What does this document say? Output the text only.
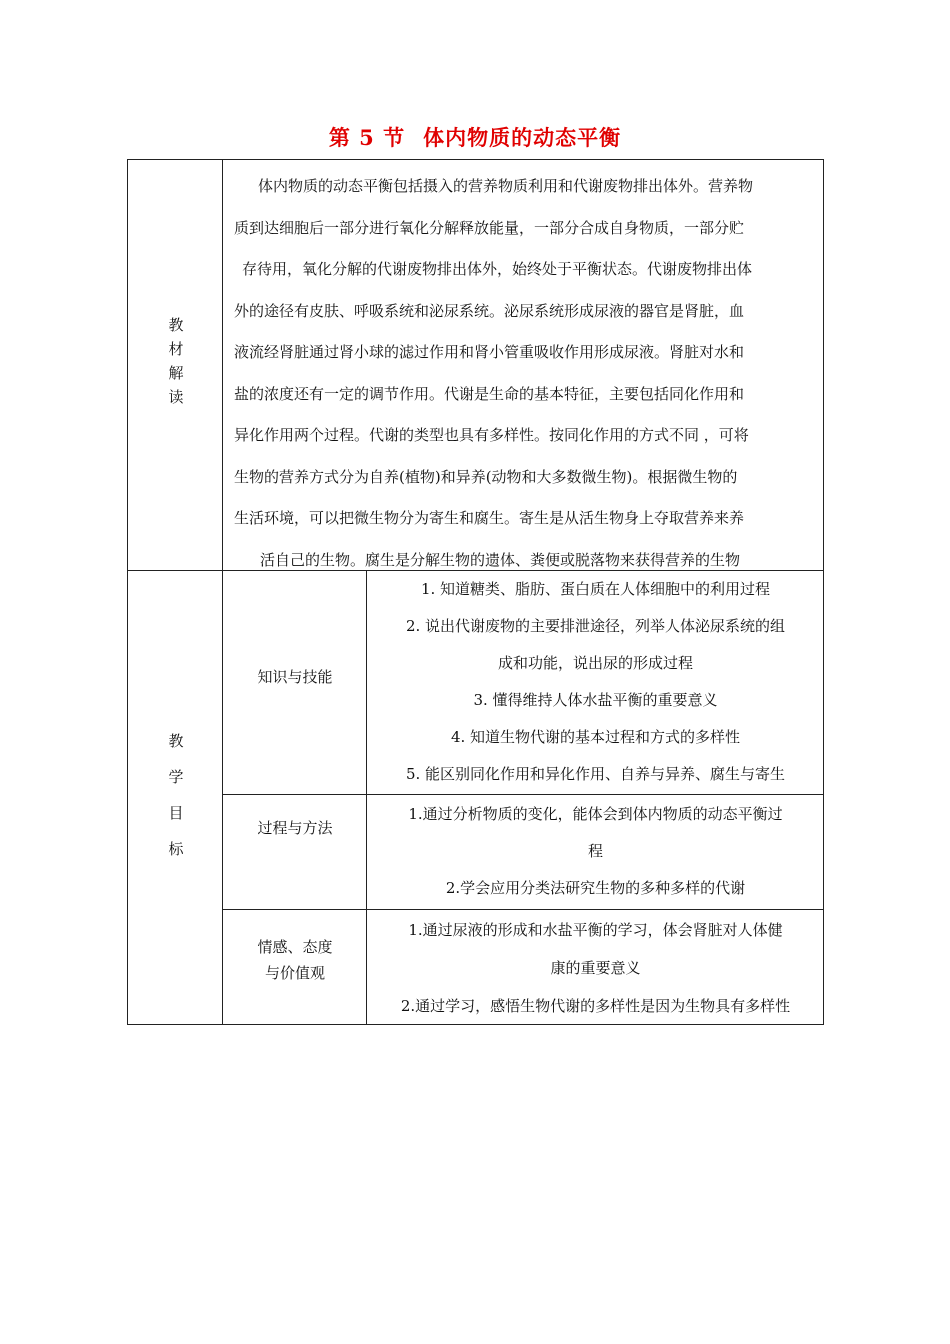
第 5 节 体内物质的动态平衡
教
材
解
读
体内物质的动态平衡包括摄入的营养物质利用和代谢废物排出体外。营养物
质到达细胞后一部分进行氧化分解释放能量，一部分合成自身物质，一部分贮
存待用，氧化分解的代谢废物排出体外，始终处于平衡状态。代谢废物排出体
外的途径有皮肤、呼吸系统和泌尿系统。泌尿系统形成尿液的器官是肾脏，血
液流经肾脏通过肾小球的滤过作用和肾小管重吸收作用形成尿液。肾脏对水和
盐的浓度还有一定的调节作用。代谢是生命的基本特征，主要包括同化作用和
异化作用两个过程。代谢的类型也具有多样性。按同化作用的方式不同 ，可将
生物的营养方式分为自养(植物)和异养(动物和大多数微生物)。根据微生物的
生活环境，可以把微生物分为寄生和腐生。寄生是从活生物身上夺取营养来养
活自己的生物。腐生是分解生物的遗体、粪便或脱落物来获得营养的生物
教
学
目
标
知识与技能
1. 知道糖类、脂肪、蛋白质在人体细胞中的利用过程
2. 说出代谢废物的主要排泄途径，列举人体泌尿系统的组
成和功能，说出尿的形成过程
3. 懂得维持人体水盐平衡的重要意义
4. 知道生物代谢的基本过程和方式的多样性
5. 能区别同化作用和异化作用、自养与异养、腐生与寄生
过程与方法
1.通过分析物质的变化，能体会到体内物质的动态平衡过
程
2.学会应用分类法研究生物的多种多样的代谢
情感、态度
与价值观
1.通过尿液的形成和水盐平衡的学习，体会肾脏对人体健
康的重要意义
2.通过学习，感悟生物代谢的多样性是因为生物具有多样性
